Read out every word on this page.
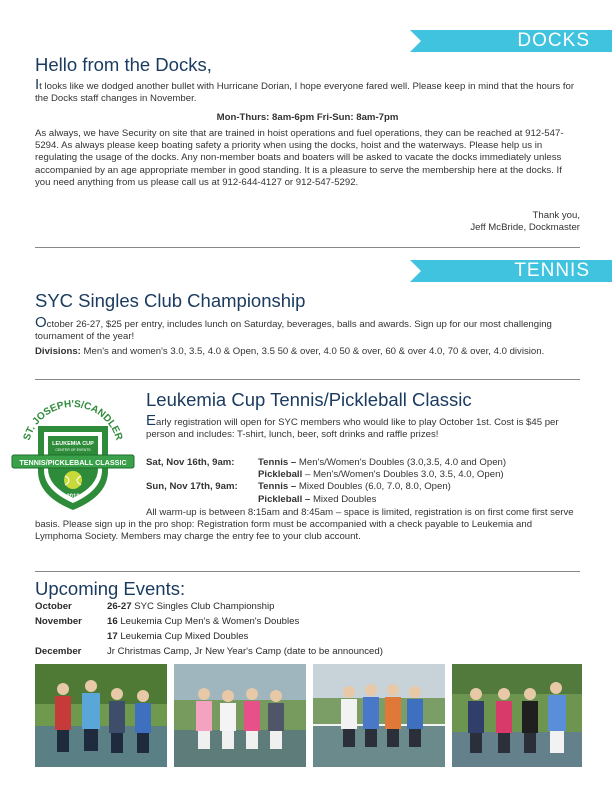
DOCKS
Hello from the Docks,
It looks like we dodged another bullet with Hurricane Dorian, I hope everyone fared well. Please keep in mind that the hours for the Docks staff changes in November.
Mon-Thurs: 8am-6pm Fri-Sun: 8am-7pm
As always, we have Security on site that are trained in hoist operations and fuel operations, they can be reached at 912-547-5294. As always please keep boating safety a priority when using the docks, hoist and the waterways. Please help us in regulating the usage of the docks. Any non-member boats and boaters will be asked to vacate the docks immediately unless accompanied by an age appropriate member in good standing. It is a pleasure to serve the membership here at the docks. If you need anything from us please call us at 912-644-4127 or 912-547-5292.
Thank you,
Jeff McBride, Dockmaster
TENNIS
SYC Singles Club Championship
October 26-27, $25 per entry, includes lunch on Saturday, beverages, balls and awards. Sign up for our most challenging tournament of the year!
Divisions: Men's and women's 3.0, 3.5, 4.0 & Open, 3.5 50 & over, 4.0 50 & over, 60 & over 4.0, 70 & over, 4.0 division.
ST. JOSEPH'S/CANDLER
LEUKEMIA CUP
CENTER OF EVENTS
TENNIS/PICKLEBALL CLASSIC
2019
Leukemia Cup Tennis/Pickleball Classic
Early registration will open for SYC members who would like to play October 1st. Cost is $45 per person and includes: T-shirt, lunch, beer, soft drinks and raffle prizes!
Sat, Nov 16th, 9am: Tennis – Men's/Women's Doubles (3.0,3.5, 4.0 and Open)
Pickleball – Men's/Women's Doubles 3.0, 3.5, 4.0, Open)
Sun, Nov 17th, 9am: Tennis – Mixed Doubles (6.0, 7.0, 8.0, Open)
Pickleball – Mixed Doubles
All warm-up is between 8:15am and 8:45am – space is limited, registration is on first come first serve basis. Please sign up in the pro shop: Registration form must be accompanied with a check payable to Leukemia and Lymphoma Society. Members may charge the entry fee to your club account.
Upcoming Events:
October	26-27 SYC Singles Club Championship
November	16 Leukemia Cup Men's & Women's Doubles
17 Leukemia Cup Mixed Doubles
December	Jr Christmas Camp, Jr New Year's Camp (date to be announced)
